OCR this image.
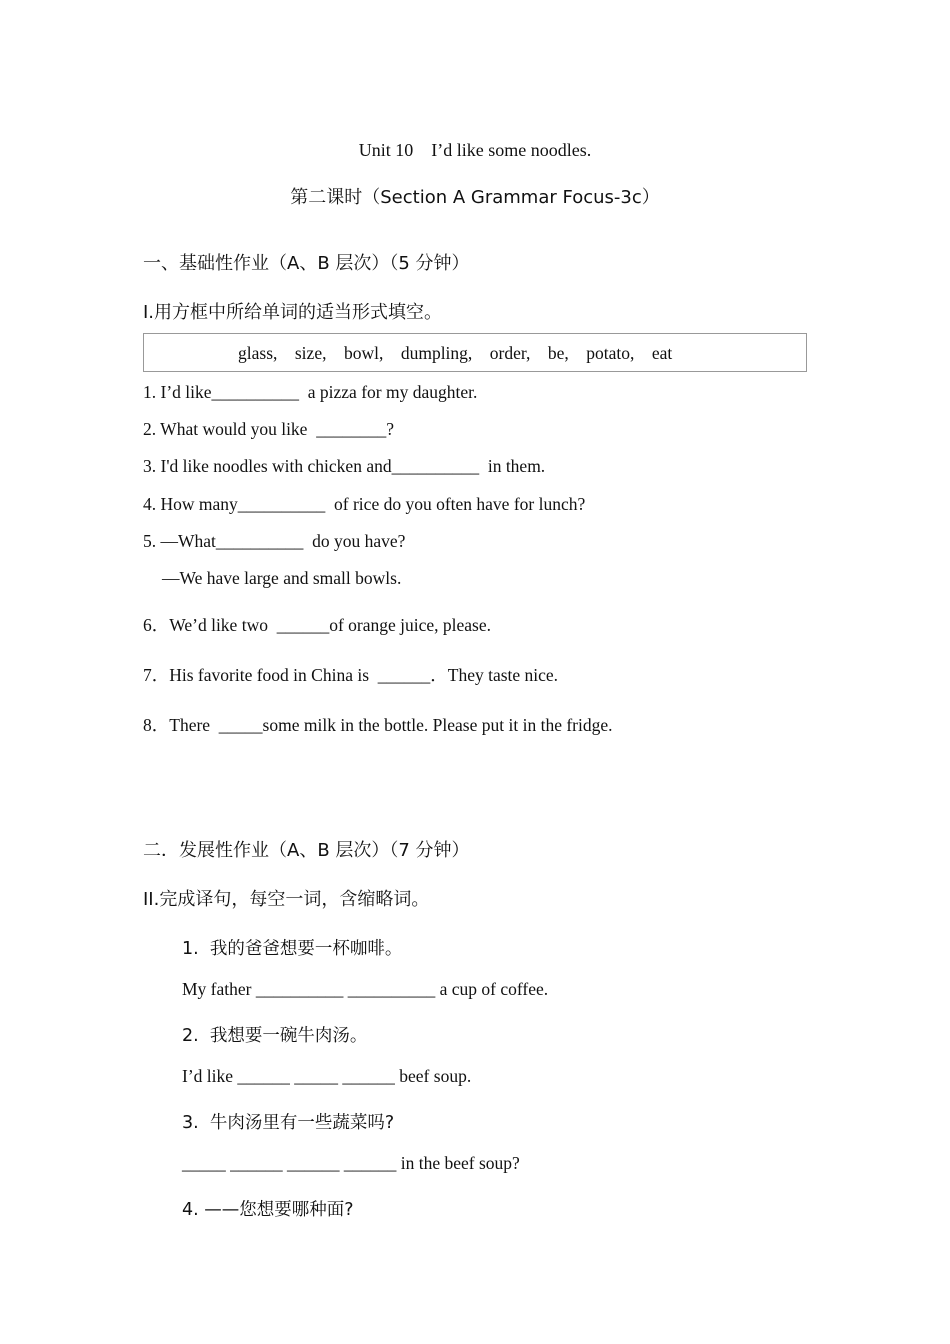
Unit 10    I’d like some noodles.
第二课时（Section A Grammar Focus-3c）
一、基础性作业（A、B 层次）（5 分钟）
I.用方框中所给单词的适当形式填空。
glass,    size,    bowl,    dumpling,    order,    be,    potato,    eat
1. I’d like__________  a pizza for my daughter.
2. What would you like  ________?
3. I'd like noodles with chicken and__________  in them.
4. How many__________  of rice do you often have for lunch?
5. —What__________  do you have?
—We have large and small bowls.
6．We’d like two  ______of orange juice, please.
7．His favorite food in China is  ______．They taste nice.
8．There  _____some milk in the bottle. Please put it in the fridge.
二．发展性作业（A、B 层次）（7 分钟）
II.完成译句，每空一词，含缩略词。
1.  我的爸爸想要一杯咖啡。
My father __________ __________ a cup of coffee.
2.  我想要一碗牛肉汤。
I’d like ______ _____ ______ beef soup.
3.  牛肉汤里有一些蔬菜吗?
_____ ______ ______ ______ in the beef soup?
4. ——您想要哪种面?
